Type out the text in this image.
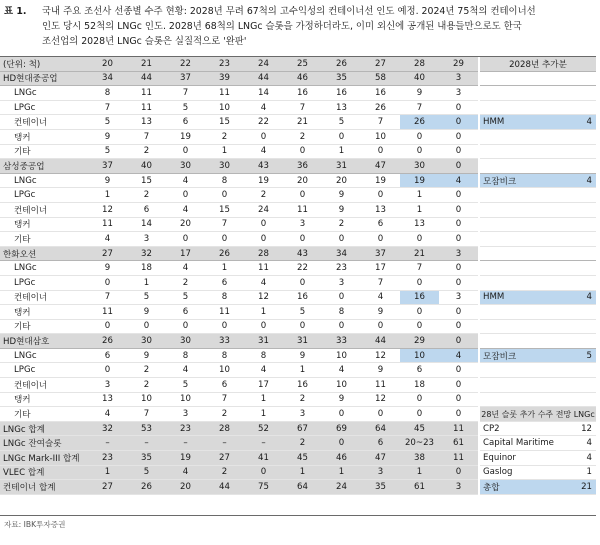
표 1.	국내 주요 조선사 선종별 수주 현황: 2028년 무려 67척의 고수익성의 컨테이너선 인도 예정. 2024년 75척의 컨테이너선
인도 당시 52척의 LNGc 인도. 2028년 68척의 LNGc 슬롯을 가정하더라도, 이미 외신에 공개된 내용들만으로도 한국
조선업의 2028년 LNGc 슬롯은 실질적으로 '완판'
(단위: 척)	20	21	22	23	24	25	26	27	28	29		2028년 추가분	
HD현대중공업	34	44	37	39	44	46	35	58	40	3			
LNGc	8	11	7	11	14	16	16	16	9	3			
LPGc	7	11	5	10	4	7	13	26	7	0			
컨테이너	5	13	6	15	22	21	5	7	26	0		HMM	4
탱커	9	7	19	2	0	2	0	10	0	0			
기타	5	2	0	1	4	0	1	0	0	0			
삼성중공업	37	40	30	30	43	36	31	47	30	0			
LNGc	9	15	4	8	19	20	20	19	19	4		모잠비크	4
LPGc	1	2	0	0	2	0	9	0	1	0			
컨테이너	12	6	4	15	24	11	9	13	1	0			
탱커	11	14	20	7	0	3	2	6	13	0			
기타	4	3	0	0	0	0	0	0	0	0			
한화오션	27	32	17	26	28	43	34	37	21	3			
LNGc	9	18	4	1	11	22	23	17	7	0			
LPGc	0	1	2	6	4	0	3	7	0	0			
컨테이너	7	5	5	8	12	16	0	4	16	3		HMM	4
탱커	11	9	6	11	1	5	8	9	0	0			
기타	0	0	0	0	0	0	0	0	0	0			
HD현대삼호	26	30	30	33	31	31	33	44	29	0			
LNGc	6	9	8	8	8	9	10	12	10	4		모잠비크	5
LPGc	0	2	4	10	4	1	4	9	6	0			
컨테이너	3	2	5	6	17	16	10	11	18	0			
탱커	13	10	10	7	1	2	9	12	0	0			
기타	4	7	3	2	1	3	0	0	0	0		28년 슬롯 추가 수주 전망 LNGc	
LNGc 합계	32	53	23	28	52	67	69	64	45	11		CP2	12
LNGc 잔여슬롯	–	–	–	–	–	2	0	6	20~23	61		Capital Maritime	4
LNGc Mark-III 합계	23	35	19	27	41	45	46	47	38	11		Equinor	4
VLEC 합계	1	5	4	2	0	1	1	3	1	0		Gaslog	1
컨테이너 합계	27	26	20	44	75	64	24	35	61	3		총합	21
자료: IBK투자증권
